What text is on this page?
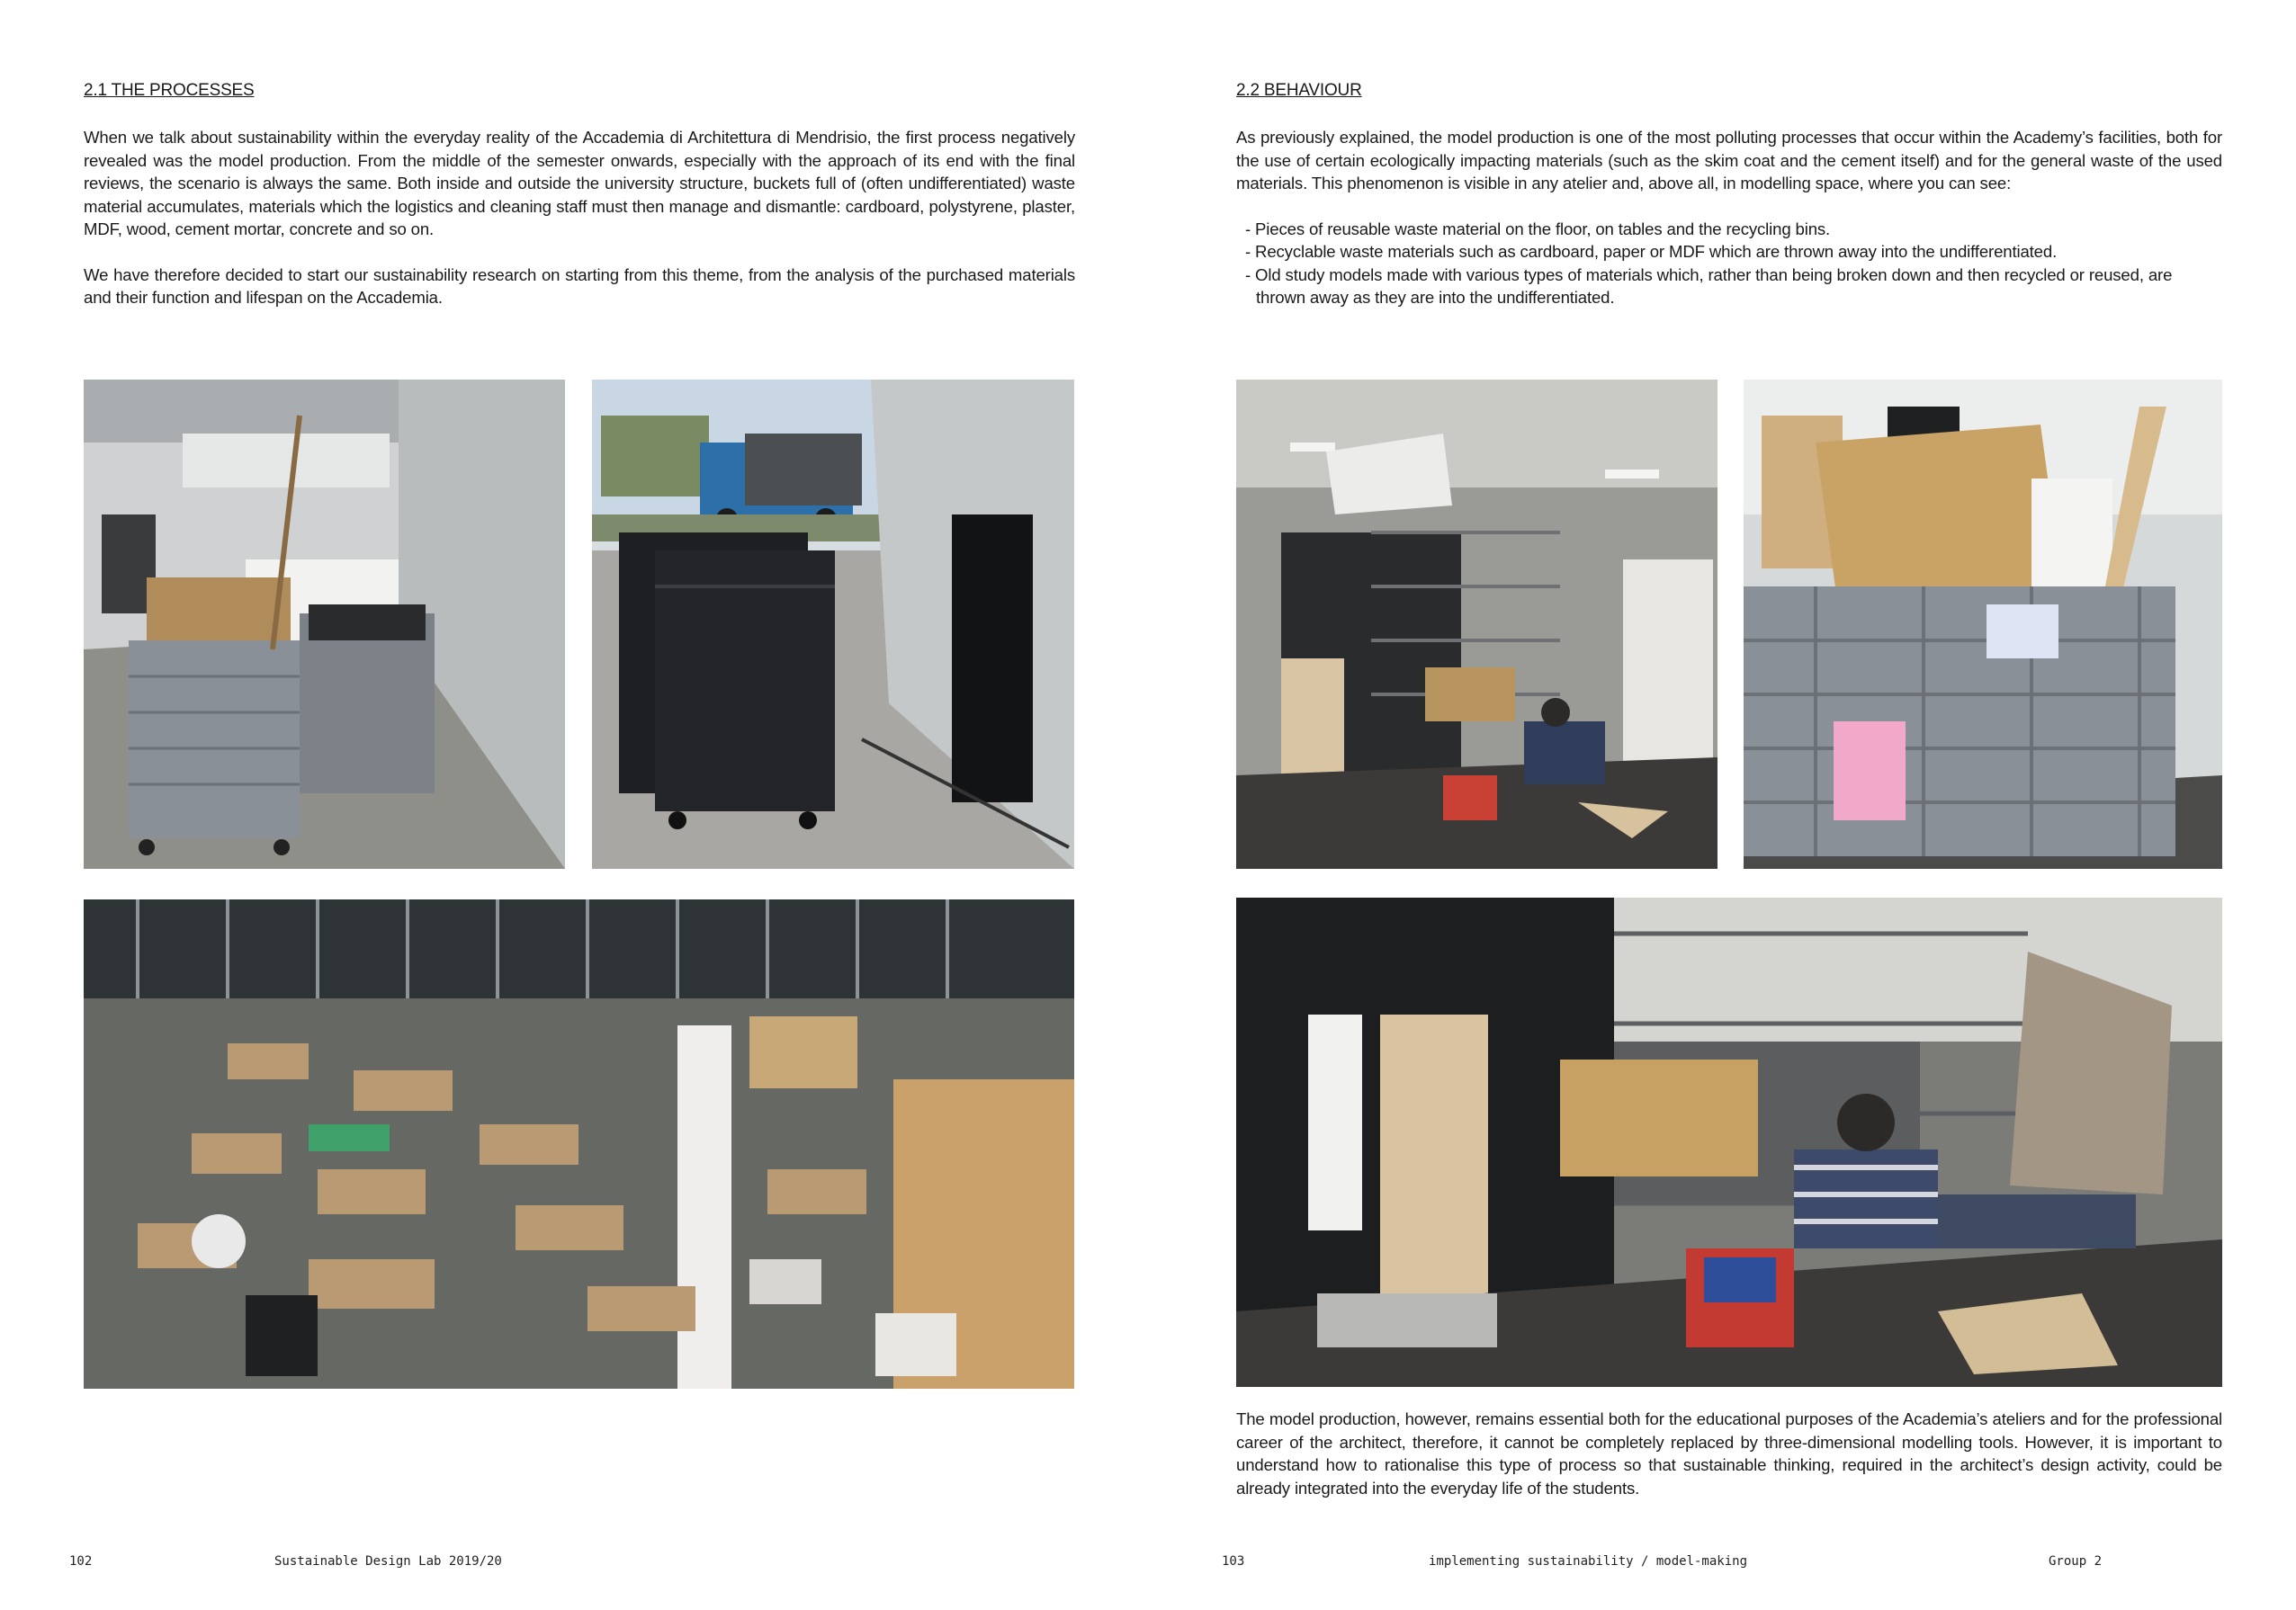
2.1 THE PROCESSES

When we talk about sustainability within the everyday reality of the Accademia di Architettura di Mendrisio, the first process negatively revealed was the model production. From the middle of the semester onwards, especially with the approach of its end with the final reviews, the scenario is always the same. Both inside and outside the university structure, buckets full of (often undifferentiated) waste material accumulates, materials which the logistics and cleaning staff must then manage and dismantle: cardboard, polystyrene, plaster, MDF, wood, cement mortar, concrete and so on.

We have therefore decided to start our sustainability research on starting from this theme, from the analysis of the purchased materials and their function and lifespan on the Accademia.

102	Sustainable Design Lab 2019/20
2.2 BEHAVIOUR

As previously explained, the model production is one of the most polluting processes that occur within the Academy’s facilities, both for the use of certain ecologically impacting materials (such as the skim coat and the cement itself) and for the general waste of the used materials. This phenomenon is visible in any atelier and, above all, in modelling space, where you can see:

- Pieces of reusable waste material on the floor, on tables and the recycling bins.
- Recyclable waste materials such as cardboard, paper or MDF which are thrown away into the undifferentiated.
- Old study models made with various types of materials which, rather than being broken down and then recycled or reused, are thrown away as they are into the undifferentiated.
The model production, however, remains essential both for the educational purposes of the Academia’s ateliers and for the professional career of the architect, therefore, it cannot be completely replaced by three-dimensional modelling tools. However, it is important to understand how to rationalise this type of process so that sustainable thinking, required in the architect’s design activity, could be already integrated into the everyday life of the students.
103	implementing sustainability / model-making	Group 2
